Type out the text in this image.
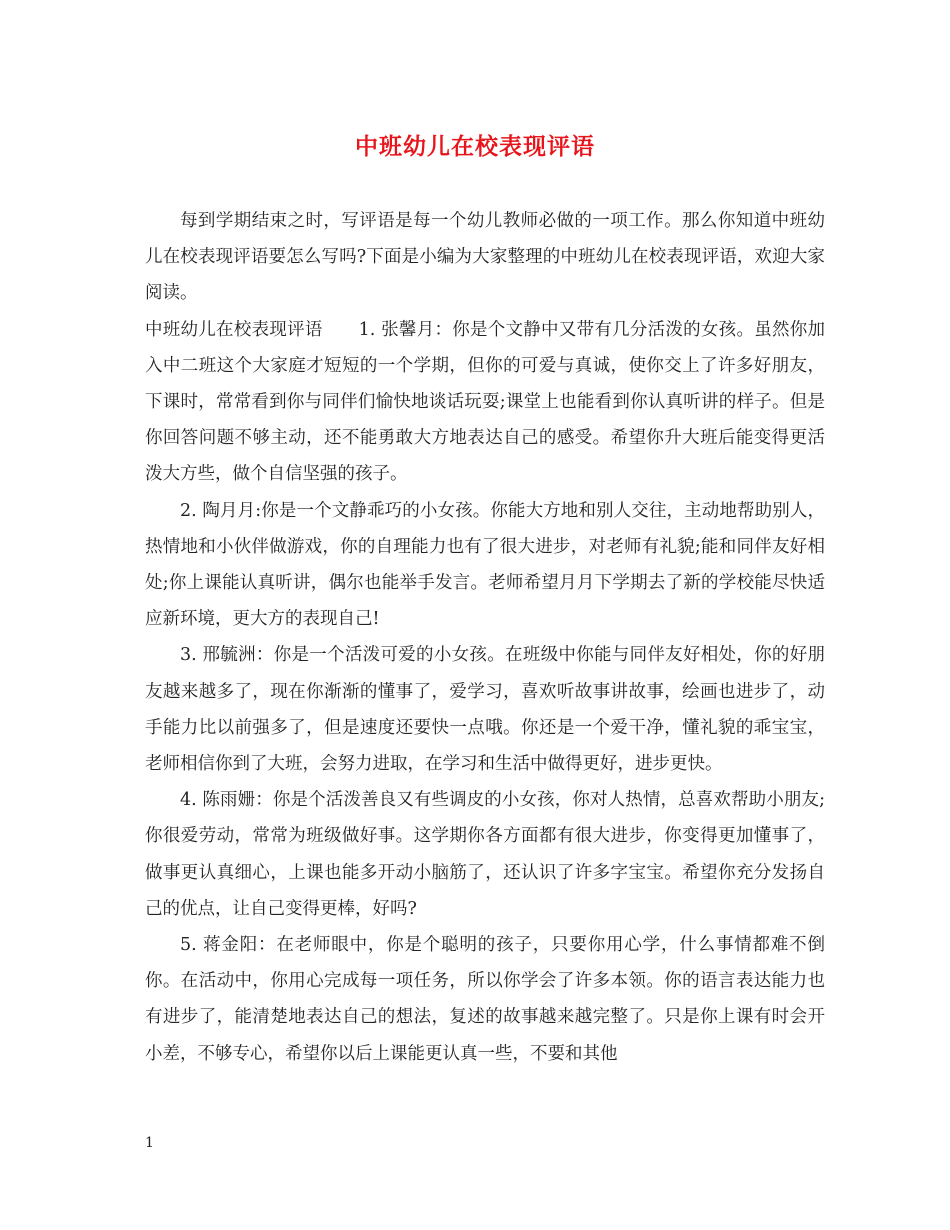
中班幼儿在校表现评语

每到学期结束之时，写评语是每一个幼儿教师必做的一项工作。那么你知道中班幼儿在校表现评语要怎么写吗?下面是小编为大家整理的中班幼儿在校表现评语，欢迎大家阅读。

中班幼儿在校表现评语 1. 张馨月：你是个文静中又带有几分活泼的女孩。虽然你加入中二班这个大家庭才短短的一个学期，但你的可爱与真诚，使你交上了许多好朋友，下课时，常常看到你与同伴们愉快地谈话玩耍;课堂上也能看到你认真听讲的样子。但是你回答问题不够主动，还不能勇敢大方地表达自己的感受。希望你升大班后能变得更活泼大方些，做个自信坚强的孩子。

2. 陶月月:你是一个文静乖巧的小女孩。你能大方地和别人交往，主动地帮助别人，热情地和小伙伴做游戏，你的自理能力也有了很大进步，对老师有礼貌;能和同伴友好相处;你上课能认真听讲，偶尔也能举手发言。老师希望月月下学期去了新的学校能尽快适应新环境，更大方的表现自己!

3. 邢毓洲：你是一个活泼可爱的小女孩。在班级中你能与同伴友好相处，你的好朋友越来越多了，现在你渐渐的懂事了，爱学习，喜欢听故事讲故事，绘画也进步了，动手能力比以前强多了，但是速度还要快一点哦。你还是一个爱干净，懂礼貌的乖宝宝，老师相信你到了大班，会努力进取，在学习和生活中做得更好，进步更快。

4. 陈雨姗：你是个活泼善良又有些调皮的小女孩，你对人热情，总喜欢帮助小朋友;你很爱劳动，常常为班级做好事。这学期你各方面都有很大进步，你变得更加懂事了，做事更认真细心，上课也能多开动小脑筋了，还认识了许多字宝宝。希望你充分发扬自己的优点，让自己变得更棒，好吗?

5. 蒋金阳：在老师眼中，你是个聪明的孩子，只要你用心学，什么事情都难不倒你。在活动中，你用心完成每一项任务，所以你学会了许多本领。你的语言表达能力也有进步了，能清楚地表达自己的想法，复述的故事越来越完整了。只是你上课有时会开小差，不够专心，希望你以后上课能更认真一些，不要和其他

1
